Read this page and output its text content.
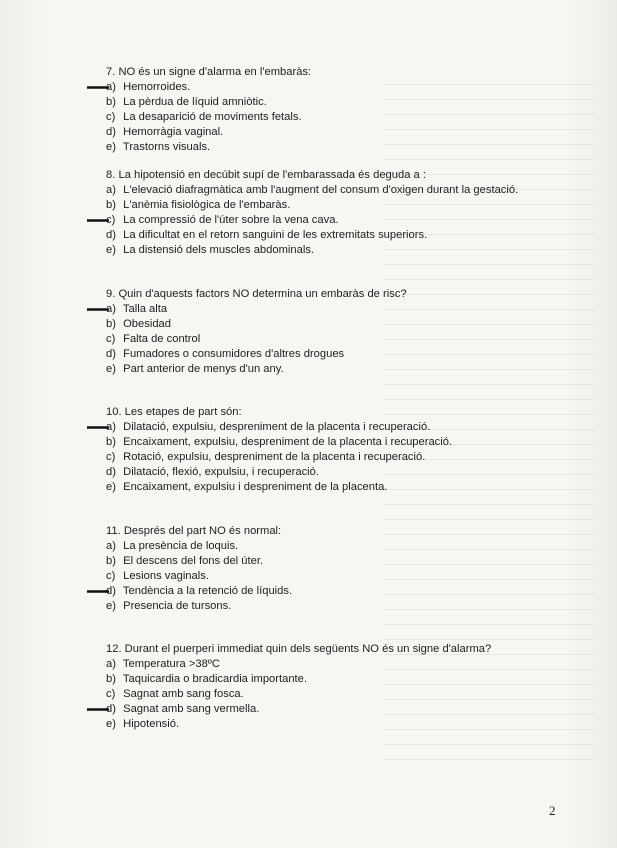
7. NO és un signe d'alarma en l'embaràs:
a) Hemorroides.
b) La pèrdua de líquid amniòtic.
c) La desaparició de moviments fetals.
d) Hemorràgia vaginal.
e) Trastorns visuals.
8. La hipotensió en decúbit supí de l'embarassada és deguda a :
a) L'elevació diafragmàtica amb l'augment del consum d'oxigen durant la gestació.
b) L'anèmia fisiològica de l'embaràs.
c) La compressió de l'úter sobre la vena cava.
d) La dificultat en el retorn sanguini de les extremitats superiors.
e) La distensió dels muscles abdominals.
9. Quin d'aquests factors NO determina un embaràs de risc?
a) Talla alta
b) Obesidad
c) Falta de control
d) Fumadores o consumidores d'altres drogues
e) Part anterior de menys d'un any.
10. Les etapes de part són:
a) Dilatació, expulsiu, despreniment de la placenta i recuperació.
b) Encaixament, expulsiu, despreniment de la placenta i recuperació.
c) Rotació, expulsiu, despreniment de la placenta i recuperació.
d) Dilatació, flexió, expulsiu, i recuperació.
e) Encaixament, expulsiu i despreniment de la placenta.
11. Després del part NO és normal:
a) La presència de loquis.
b) El descens del fons del úter.
c) Lesions vaginals.
d) Tendència a la retenció de líquids.
e) Presencia de tursons.
12. Durant el puerperi immediat quin dels següents NO és un signe d'alarma?
a) Temperatura >38ºC
b) Taquicardia o bradicardia importante.
c) Sagnat amb sang fosca.
d) Sagnat amb sang vermella.
e) Hipotensió.
2
